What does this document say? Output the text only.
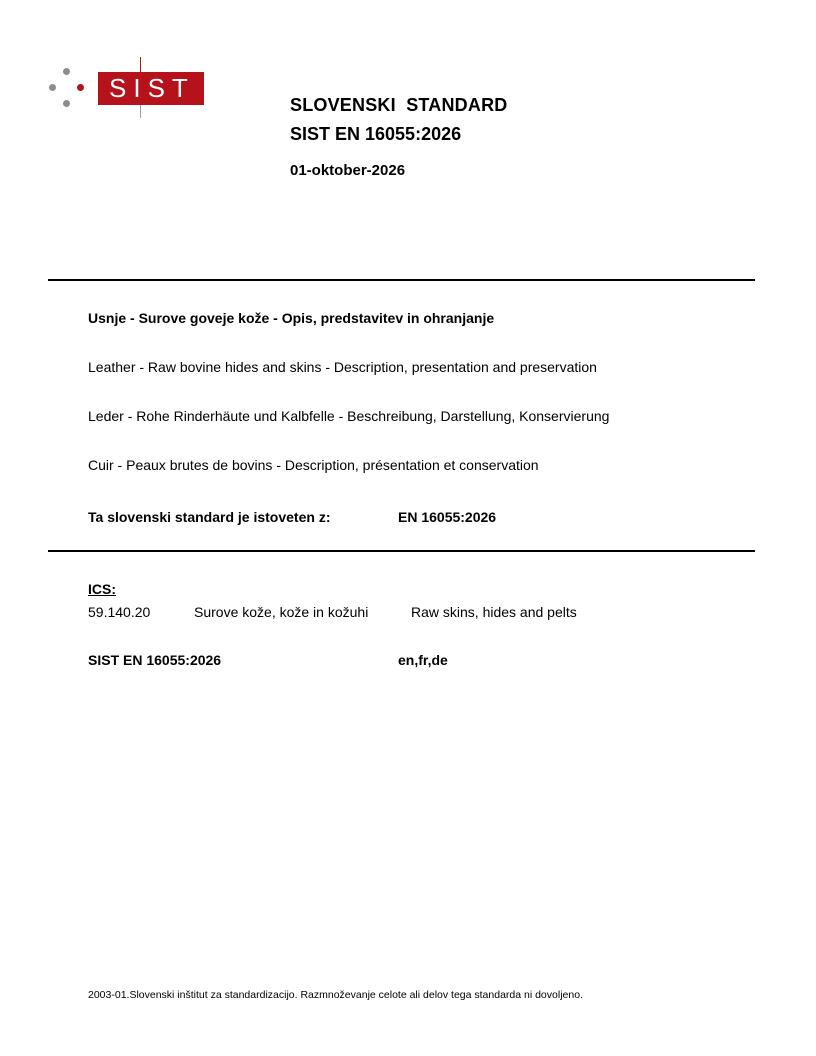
SIST
SLOVENSKI  STANDARD
SIST EN 16055:2026
01-oktober-2026
Usnje - Surove goveje kože - Opis, predstavitev in ohranjanje
Leather - Raw bovine hides and skins - Description, presentation and preservation
Leder - Rohe Rinderhäute und Kalbfelle - Beschreibung, Darstellung, Konservierung
Cuir - Peaux brutes de bovins - Description, présentation et conservation
Ta slovenski standard je istoveten z:	EN 16055:2026
ICS:
59.140.20	Surove kože, kože in kožuhi	Raw skins, hides and pelts
SIST EN 16055:2026	en,fr,de
2003-01.Slovenski inštitut za standardizacijo. Razmnoževanje celote ali delov tega standarda ni dovoljeno.
